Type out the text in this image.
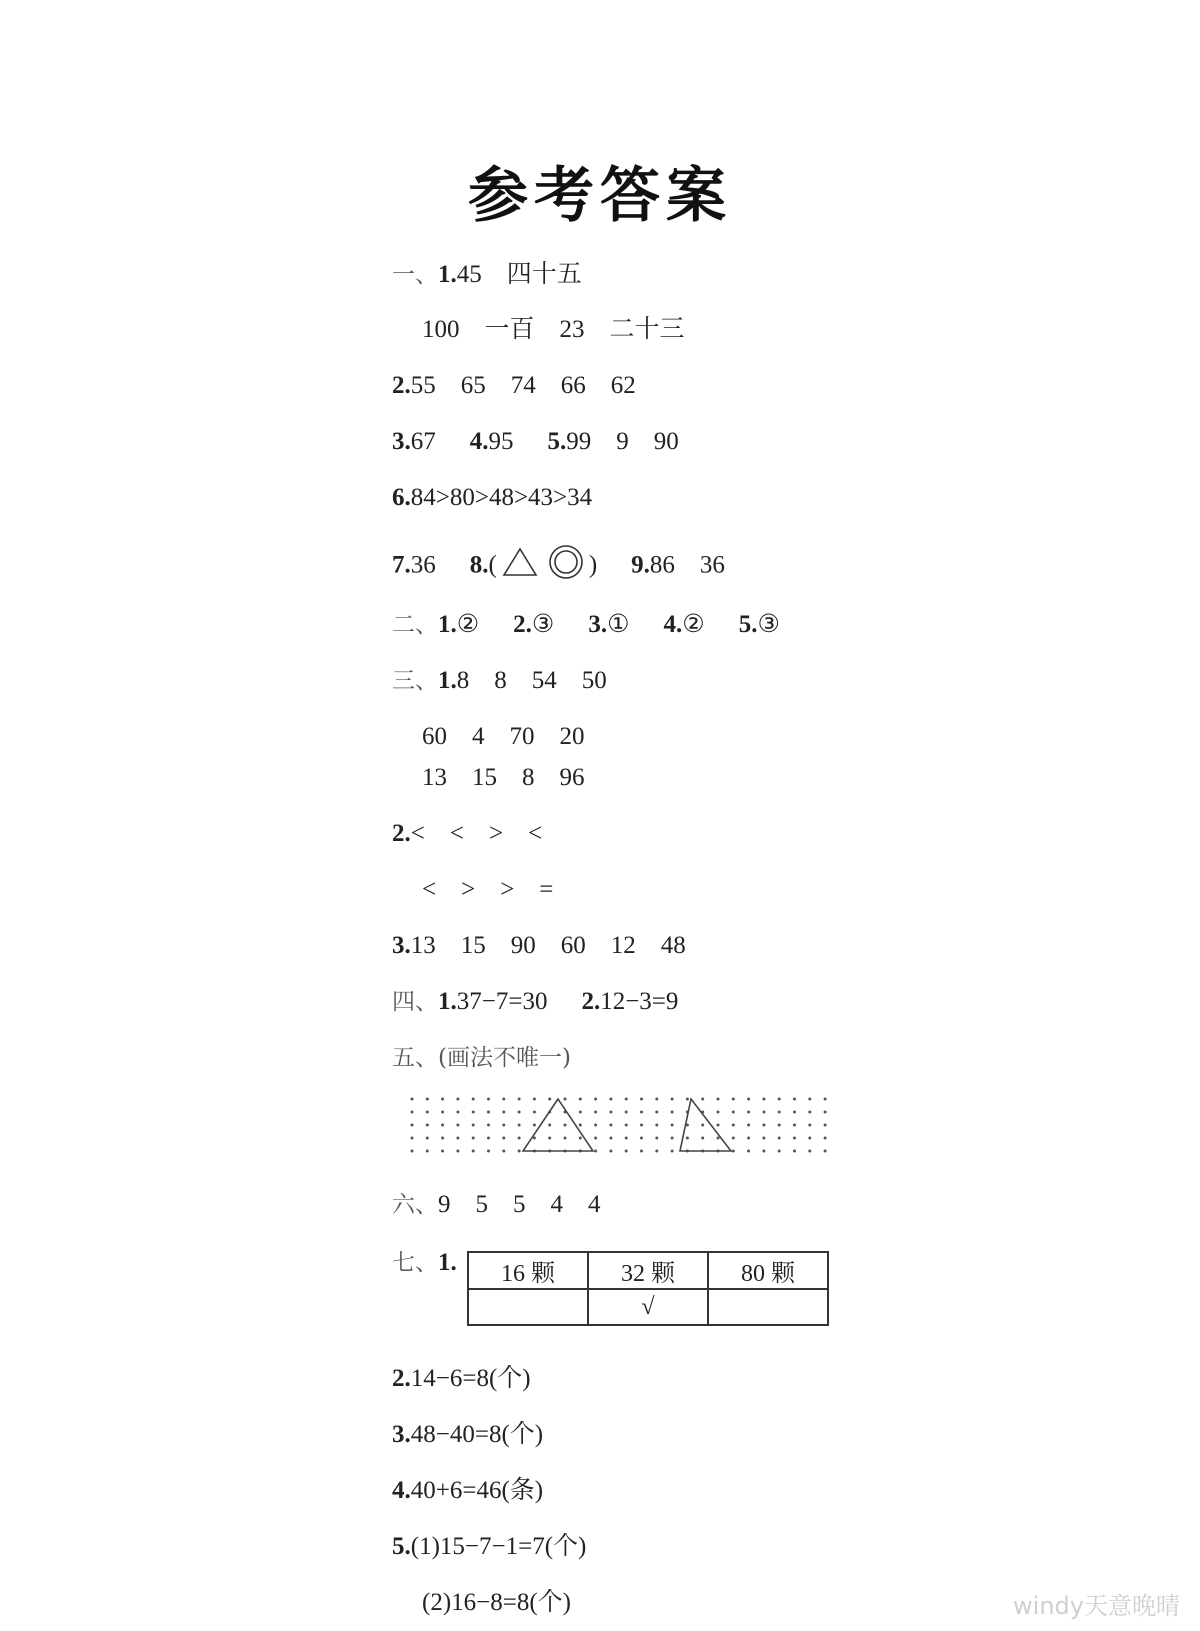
参考答案
一、1.45　四十五
100　一百　23　二十三
2.55　65　74　66　62
3.67 4.95 5.99　9　90
6.84>80>48>43>34
7.36 8.(	) 9.86　36
二、1.② 2.③ 3.① 4.② 5.③
三、1.8　8　54　50
60　4　70　20
13　15　8　96
2.<　<　>　<
<　>　>　=
3.13　15　90　60　12　48
四、1.37−7=30 2.12−3=9
五、(画法不唯一)
六、9　5　5　4　4
七、1. 16 颗	32 颗	80 颗
	√	
2.14−6=8(个)
3.48−40=8(个)
4.40+6=46(条)
5.(1)15−7−1=7(个)
(2)16−8=8(个)	windy天意晚晴
